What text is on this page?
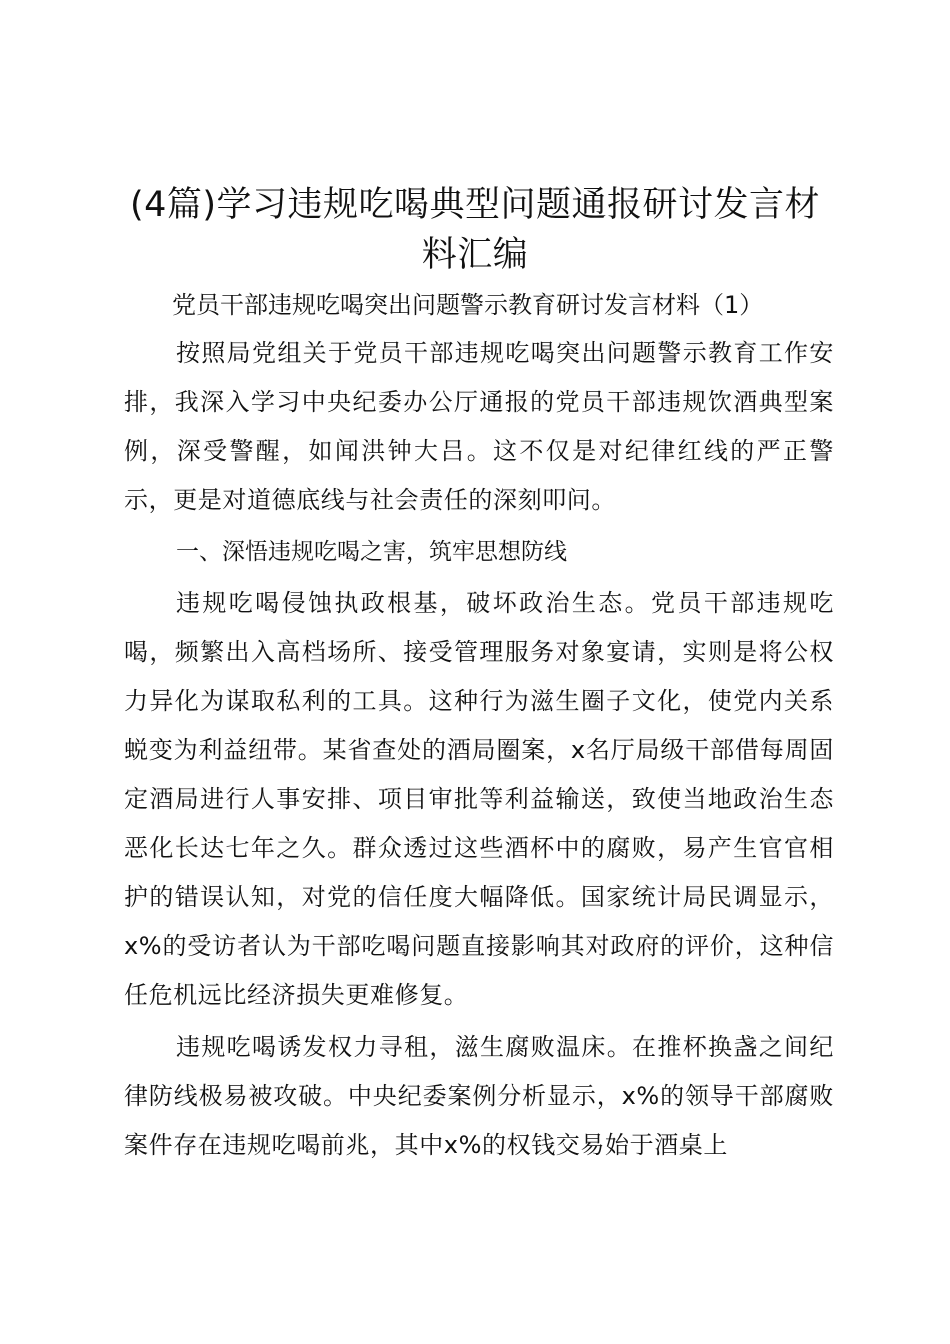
(4篇)学习违规吃喝典型问题通报研讨发言材
料汇编

党员干部违规吃喝突出问题警示教育研讨发言材料（1）

按照局党组关于党员干部违规吃喝突出问题警示教育工作安排，我深入学习中央纪委办公厅通报的党员干部违规饮酒典型案例，深受警醒，如闻洪钟大吕。这不仅是对纪律红线的严正警示，更是对道德底线与社会责任的深刻叩问。

一、深悟违规吃喝之害，筑牢思想防线

违规吃喝侵蚀执政根基，破坏政治生态。党员干部违规吃喝，频繁出入高档场所、接受管理服务对象宴请，实则是将公权力异化为谋取私利的工具。这种行为滋生圈子文化，使党内关系蜕变为利益纽带。某省查处的酒局圈案，x名厅局级干部借每周固定酒局进行人事安排、项目审批等利益输送，致使当地政治生态恶化长达七年之久。群众透过这些酒杯中的腐败，易产生官官相护的错误认知，对党的信任度大幅降低。国家统计局民调显示，x%的受访者认为干部吃喝问题直接影响其对政府的评价，这种信任危机远比经济损失更难修复。

违规吃喝诱发权力寻租，滋生腐败温床。在推杯换盏之间纪律防线极易被攻破。中央纪委案例分析显示，x%的领导干部腐败案件存在违规吃喝前兆，其中x%的权钱交易始于酒桌上
